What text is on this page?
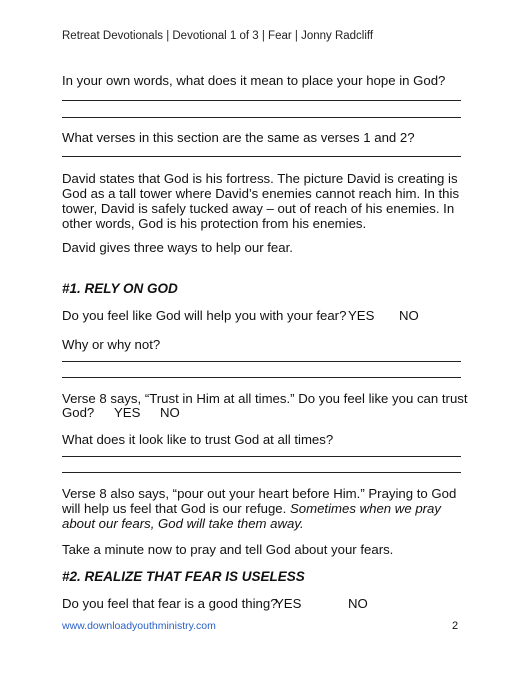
Retreat Devotionals | Devotional 1 of 3 | Fear | Jonny Radcliff
In your own words, what does it mean to place your hope in God?
What verses in this section are the same as verses 1 and 2?
David states that God is his fortress. The picture David is creating is God as a tall tower where David’s enemies cannot reach him. In this tower, David is safely tucked away – out of reach of his enemies. In other words, God is his protection from his enemies.
David gives three ways to help our fear.
#1. RELY ON GOD
Do you feel like God will help you with your fear? YES NO
Why or why not?
Verse 8 says, “Trust in Him at all times.” Do you feel like you can trust
God? YES NO
What does it look like to trust God at all times?
Verse 8 also says, “pour out your heart before Him.” Praying to God will help us feel that God is our refuge. Sometimes when we pray about our fears, God will take them away.
Take a minute now to pray and tell God about your fears.
#2. REALIZE THAT FEAR IS USELESS
Do you feel that fear is a good thing?
YES	NO
www.downloadyouthministry.com	2
